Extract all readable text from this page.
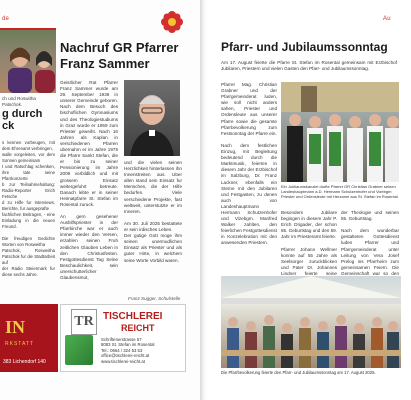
de
ch und Roswitha Patschok.
g durch
ck
s kennen vorbeugen, mit dem Ehrenamt verbringen,
walle vorgeleiten, vor dem Sonnen gemeinsam
t und Ratschlag schenken, ihre tate seine Pfarrkonzerte
b zur Teilnahmehaltung: Radio-Reporter Erich Fetsche
d zu Hilfe fur Interviews, Berichte, fur ausgeprafte
fachlichen Beitragen, - eine Einladung in die neuen Freund.

Die freudigen Gedichte Worten von Rosweitha
Patschok, Rosweitha Patschok fur die Stadtarbeit auf
der Radio Steiermark fur diese sechs Jahre.
Nachruf GR Pfarrer Franz Sammer
Geistlicher Rat Pfarrer Franz Sammer wurde am 29. September 1936 in unserer Gemeinde geboren. Nach dem Besuch des bischoflichen Gymnasiums und des Theologiestudiums in Graz wurde er 1959 zum Priester geweiht. Nach 16 Jahren als Kaplan in verschiedenen Pfarren ubernahm er im Jahre 1975 die Pfarre Sankt Stefan, die er bis zu seiner Pensionierung im Jahre 2009 vorbildlich und mit grossem Einsatz weitergefuhrt betreute. Danach lebte er in seiner Heimatpfarre St. Stefan im Rosental zuruck.

An gern gesehener Aushilfspriester in der Pfarrkirche war er auch immer wieder den Versen, erzahlen seinen Fruh zeitlichen Glauben Leben in den Christusfesten. Festgottesdienst Tag Seine Beschaulichkeit, sein unerschutterlicher Glaubensmut,
und die vielen seinen Herzlichkeit hinterlassen ihn Innenstreiten aus. Uber allen stand sein Einsatz fur Menschen, die der Hilfe bedurfen. Viele verschiedene Projekte, fast weltweit, unterstutzte er im Inneren.

Am 30. Juli 2025 bestattete er sein irdisches Leben.
Der gutige Gott moge ihm seinen unermudlichen Einsatz als Priester und als guter Hirte, in welchem seine Worte Vorbild waren.
Franz Sugger, Schulstelle
IN
RKSTATT
383 Lichendorf 140
TR TISCHLEREI
REICHT
Schriftenerstrasse 57
8083 St. Stefan im Rosental
Tel.: 0664 / 324 53 53
office@tischlerei-reicht.at
www.tischlerei-reicht.at
Au
Pfarr- und Jubilaumssonntag
Am 17. August feierte die Pfarre St. Stefan im Rosental gemeinsam mit Erzbischof Jubilaren, Priestern und vielen Gasten den Pfarr- und Jubilaumssonntag.
Pfarrer Mag. Christian Grabner und der Pfarrgemeinderat luden, wie soll nicht anders sahen, Priester und Ordensleute aus unserer Pfarre sowie die gesamte Pfarrbevolkerung zum Festsonntag der Pfarre ein.

Nach dem festlichen Einzug, mit Begleitung bedeutend durch die Marktmusik, feierten in diesem Jahr der Erzbischof im Salzburg, Dr. Franz Lackner, ebenfalls ein Sterne mit den Jubilaren und Festgasten, zu denen auch von Landeshauptmann Hermann Schutzenhofer und Vizebgm. Manfred Walker zahlten, den feierlichen Festgottesdienst in Konzelebration mit den anwesenden Priestern.
Ein Jubilaumskanzlei durfte Pfarrer GR Christian Grabner seinen Landeshauptmann a.D. Hermann Schutzenhofer und Vizebgm Priester und Ordensleute mit Herzanm aus St. Stefan im Rosental
Besonders Jubilare begingen in diesem Jahr P. Erich Drigader, der schon 85. Geburtstag und den 59. Jahr im Priesteramt feierte.

Pfarrer Johann Wellmer konnte auf 55 Jahre als Seelsorger zuruckblicken und Pater Dr. Johannes Lindner feierte seine

der Theologie und seinen 55. Geburtstag.

Nach dem wunderbar gestalteten Gottesdienst luden Pfarrer und Pfarrgemeinderat unter Leitung von Vera Josef Prelog ins Pfarrheim zum gemeinsamen Feiern. Die Gemeinschaft war so den

Die Pfarrbevolkerung feierte den Pfarr- und Jubilaumssonntag am 17. August 2025.
